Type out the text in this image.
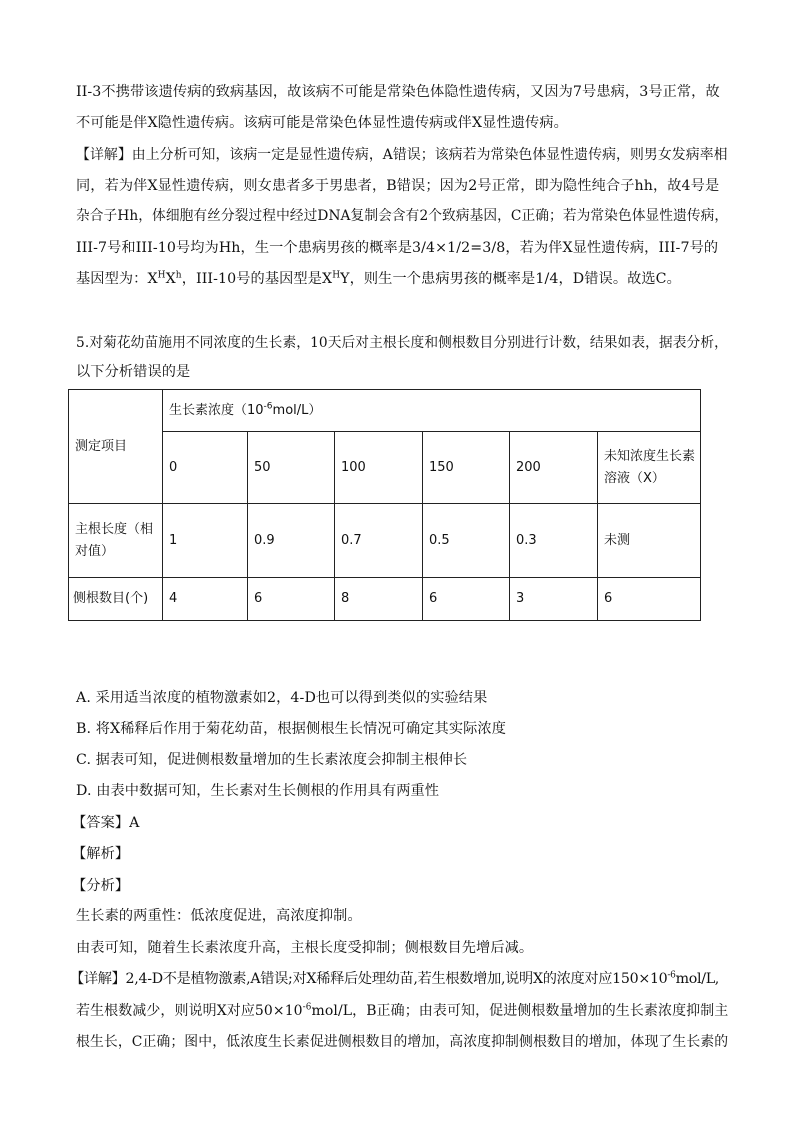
II-3不携带该遗传病的致病基因，故该病不可能是常染色体隐性遗传病，又因为7号患病，3号正常，故
不可能是伴X隐性遗传病。该病可能是常染色体显性遗传病或伴X显性遗传病。
【详解】由上分析可知，该病一定是显性遗传病，A错误；该病若为常染色体显性遗传病，则男女发病率相
同，若为伴X显性遗传病，则女患者多于男患者，B错误；因为2号正常，即为隐性纯合子hh，故4号是
杂合子Hh，体细胞有丝分裂过程中经过DNA复制会含有2个致病基因，C正确；若为常染色体显性遗传病，
III-7号和III-10号均为Hh，生一个患病男孩的概率是3/4×1/2=3/8，若为伴X显性遗传病，III-7号的
基因型为：$X^HX^h$，III-10号的基因型是$X^HY$，则生一个患病男孩的概率是1/4，D错误。故选C。
5.对菊花幼苗施用不同浓度的生长素，10天后对主根长度和侧根数目分别进行计数，结果如表，据表分析，
以下分析错误的是
测定项目	生长素浓度$(10^{-6}mol/L)$					
	0	50	100	150	200	未知浓度生长素溶液（X）
主根长度（相对值）	1	0.9	0.7	0.5	0.3	未测
侧根数目(个)	4	6	8	6	3	6
A. 采用适当浓度的植物激素如2，4-D也可以得到类似的实验结果
B. 将X稀释后作用于菊花幼苗，根据侧根生长情况可确定其实际浓度
C. 据表可知，促进侧根数量增加的生长素浓度会抑制主根伸长
D. 由表中数据可知，生长素对生长侧根的作用具有两重性
【答案】A
【解析】
【分析】
生长素的两重性：低浓度促进，高浓度抑制。
由表可知，随着生长素浓度升高，主根长度受抑制；侧根数目先增后减。
【详解】2,4-D不是植物激素,A错误;对X稀释后处理幼苗,若生根数增加,说明X的浓度对应$150\times 10^{-6}mol/L$,
若生根数减少，则说明X对应$50\times 10^{-6}mol/L$，B正确；由表可知，促进侧根数量增加的生长素浓度抑制主
根生长，C正确；图中，低浓度生长素促进侧根数目的增加，高浓度抑制侧根数目的增加，体现了生长素的
